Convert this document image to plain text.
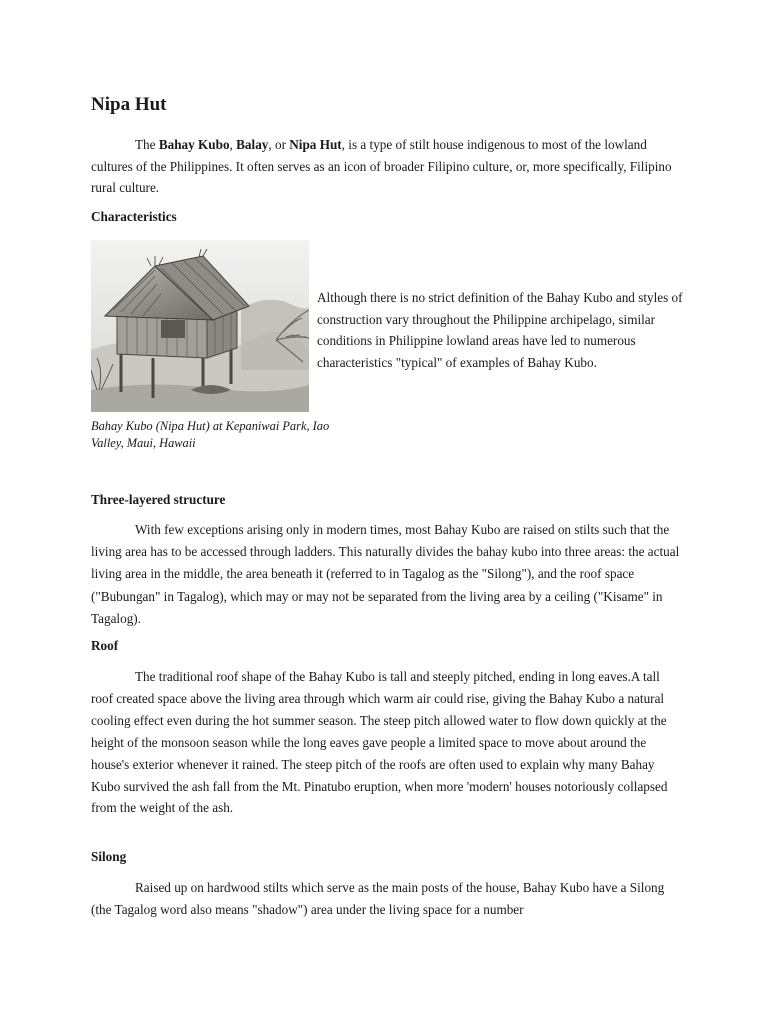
Nipa Hut

The Bahay Kubo, Balay, or Nipa Hut, is a type of stilt house indigenous to most of the lowland cultures of the Philippines. It often serves as an icon of broader Filipino culture, or, more specifically, Filipino rural culture.

Characteristics

Bahay Kubo (Nipa Hut) at Kepaniwai Park, Iao Valley, Maui, Hawaii

Although there is no strict definition of the Bahay Kubo and styles of construction vary throughout the Philippine archipelago, similar conditions in Philippine lowland areas have led to numerous characteristics "typical" of examples of Bahay Kubo.

Three-layered structure

With few exceptions arising only in modern times, most Bahay Kubo are raised on stilts such that the living area has to be accessed through ladders. This naturally divides the bahay kubo into three areas: the actual living area in the middle, the area beneath it (referred to in Tagalog as the "Silong"), and the roof space ("Bubungan" in Tagalog), which may or may not be separated from the living area by a ceiling ("Kisame" in Tagalog).

Roof

The traditional roof shape of the Bahay Kubo is tall and steeply pitched, ending in long eaves.A tall roof created space above the living area through which warm air could rise, giving the Bahay Kubo a natural cooling effect even during the hot summer season. The steep pitch allowed water to flow down quickly at the height of the monsoon season while the long eaves gave people a limited space to move about around the house's exterior whenever it rained. The steep pitch of the roofs are often used to explain why many Bahay Kubo survived the ash fall from the Mt. Pinatubo eruption, when more 'modern' houses notoriously collapsed from the weight of the ash.

Silong

Raised up on hardwood stilts which serve as the main posts of the house, Bahay Kubo have a Silong (the Tagalog word also means "shadow") area under the living space for a number
